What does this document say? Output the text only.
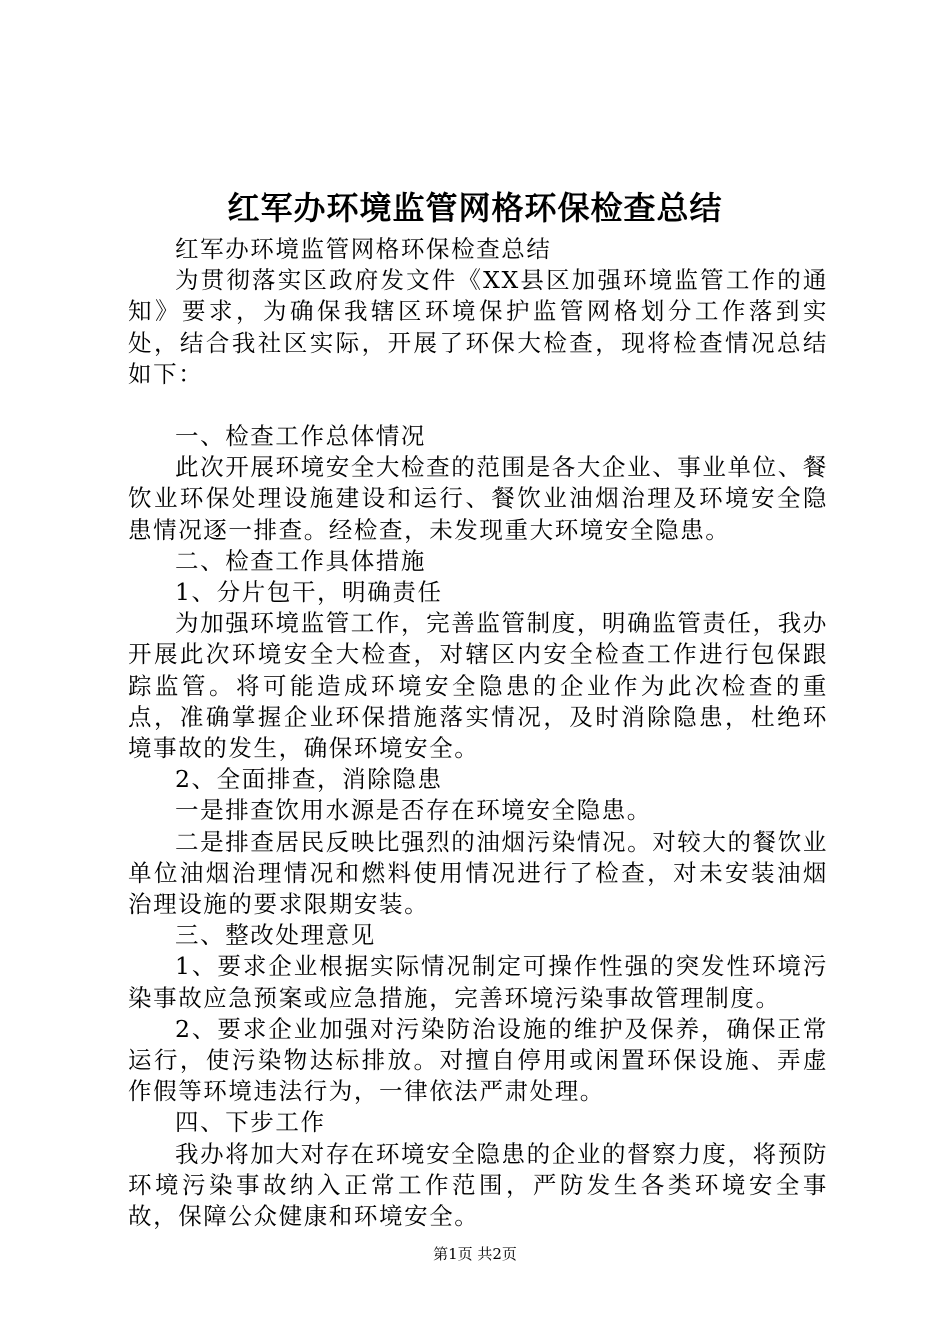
红军办环境监管网格环保检查总结

红军办环境监管网格环保检查总结

为贯彻落实区政府发文件《XX县区加强环境监管工作的通知》要求，为确保我辖区环境保护监管网格划分工作落到实处，结合我社区实际，开展了环保大检查，现将检查情况总结如下：

一、检查工作总体情况

此次开展环境安全大检查的范围是各大企业、事业单位、餐饮业环保处理设施建设和运行、餐饮业油烟治理及环境安全隐患情况逐一排查。经检查，未发现重大环境安全隐患。

二、检查工作具体措施

1、分片包干，明确责任

为加强环境监管工作，完善监管制度，明确监管责任，我办开展此次环境安全大检查，对辖区内安全检查工作进行包保跟踪监管。将可能造成环境安全隐患的企业作为此次检查的重点，准确掌握企业环保措施落实情况，及时消除隐患，杜绝环境事故的发生，确保环境安全。

2、全面排查，消除隐患

一是排查饮用水源是否存在环境安全隐患。

二是排查居民反映比强烈的油烟污染情况。对较大的餐饮业单位油烟治理情况和燃料使用情况进行了检查，对未安装油烟治理设施的要求限期安装。

三、整改处理意见

1、要求企业根据实际情况制定可操作性强的突发性环境污染事故应急预案或应急措施，完善环境污染事故管理制度。

2、要求企业加强对污染防治设施的维护及保养，确保正常运行，使污染物达标排放。对擅自停用或闲置环保设施、弄虚作假等环境违法行为，一律依法严肃处理。

四、下步工作

我办将加大对存在环境安全隐患的企业的督察力度，将预防环境污染事故纳入正常工作范围，严防发生各类环境安全事故，保障公众健康和环境安全。

第1页 共2页
